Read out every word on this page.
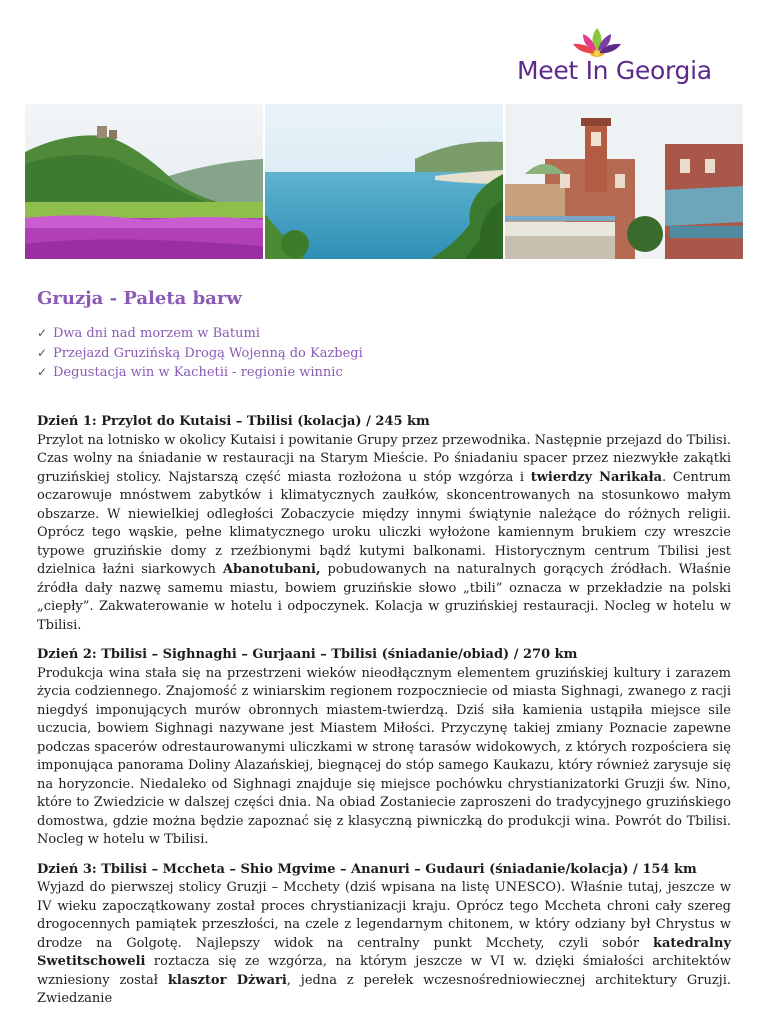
Meet In Georgia
Gruzja - Paleta barw
✓ Dwa dni nad morzem w Batumi
✓ Przejazd Gruzińską Drogą Wojenną do Kazbegi
✓ Degustacja win w Kachetii - regionie winnic
Dzień 1: Przylot do Kutaisi – Tbilisi (kolacja) / 245 km

Przylot na lotnisko w okolicy Kutaisi i powitanie Grupy przez przewodnika. Następnie przejazd do Tbilisi. Czas wolny na śniadanie w restauracji na Starym Mieście. Po śniadaniu spacer przez niezwykłe zakątki gruzińskiej stolicy. Najstarszą część miasta rozłożona u stóp wzgórza i twierdzy Narikała. Centrum oczarowuje mnóstwem zabytków i klimatycznych zaułków, skoncentrowanych na stosunkowo małym obszarze. W niewielkiej odległości Zobaczycie między innymi świątynie należące do różnych religii. Oprócz tego wąskie, pełne klimatycznego uroku uliczki wyłożone kamiennym brukiem czy wreszcie typowe gruzińskie domy z rzeźbionymi bądź kutymi balkonami. Historycznym centrum Tbilisi jest dzielnica łaźni siarkowych Abanotubani, pobudowanych na naturalnych gorących źródłach. Właśnie źródła dały nazwę samemu miastu, bowiem gruzińskie słowo „tbili” oznacza w przekładzie na polski „ciepły”. Zakwaterowanie w hotelu i odpoczynek. Kolacja w gruzińskiej restauracji. Nocleg w hotelu w Tbilisi.

Dzień 2: Tbilisi – Sighnaghi – Gurjaani – Tbilisi (śniadanie/obiad) / 270 km

Produkcja wina stała się na przestrzeni wieków nieodłącznym elementem gruzińskiej kultury i zarazem życia codziennego. Znajomość z winiarskim regionem rozpoczniecie od miasta Sighnagi, zwanego z racji niegdyś imponujących murów obronnych miastem-twierdzą. Dziś siła kamienia ustąpiła miejsce sile uczucia, bowiem Sighnagi nazywane jest Miastem Miłości. Przyczynę takiej zmiany Poznacie zapewne podczas spacerów odrestaurowanymi uliczkami w stronę tarasów widokowych, z których rozpościera się imponująca panorama Doliny Alazańskiej, biegnącej do stóp samego Kaukazu, który również zarysuje się na horyzoncie. Niedaleko od Sighnagi znajduje się miejsce pochówku chrystianizatorki Gruzji św. Nino, które to Zwiedzicie w dalszej części dnia. Na obiad Zostaniecie zaproszeni do tradycyjnego gruzińskiego domostwa, gdzie można będzie zapoznać się z klasyczną piwniczką do produkcji wina. Powrót do Tbilisi. Nocleg w hotelu w Tbilisi.

Dzień 3: Tbilisi – Mccheta – Shio Mgvime – Ananuri – Gudauri (śniadanie/kolacja) / 154 km

Wyjazd do pierwszej stolicy Gruzji – Mcchety (dziś wpisana na listę UNESCO). Właśnie tutaj, jeszcze w IV wieku zapoczątkowany został proces chrystianizacji kraju. Oprócz tego Mccheta chroni cały szereg drogocennych pamiątek przeszłości, na czele z legendarnym chitonem, w który odziany był Chrystus w drodze na Golgotę. Najlepszy widok na centralny punkt Mcchety, czyli sobór katedralny Swetitschoweli roztacza się ze wzgórza, na którym jeszcze w VI w. dzięki śmiałości architektów wzniesiony został klasztor Dżwari, jedna z perełek wczesnośredniowiecznej architektury Gruzji. Zwiedzanie
